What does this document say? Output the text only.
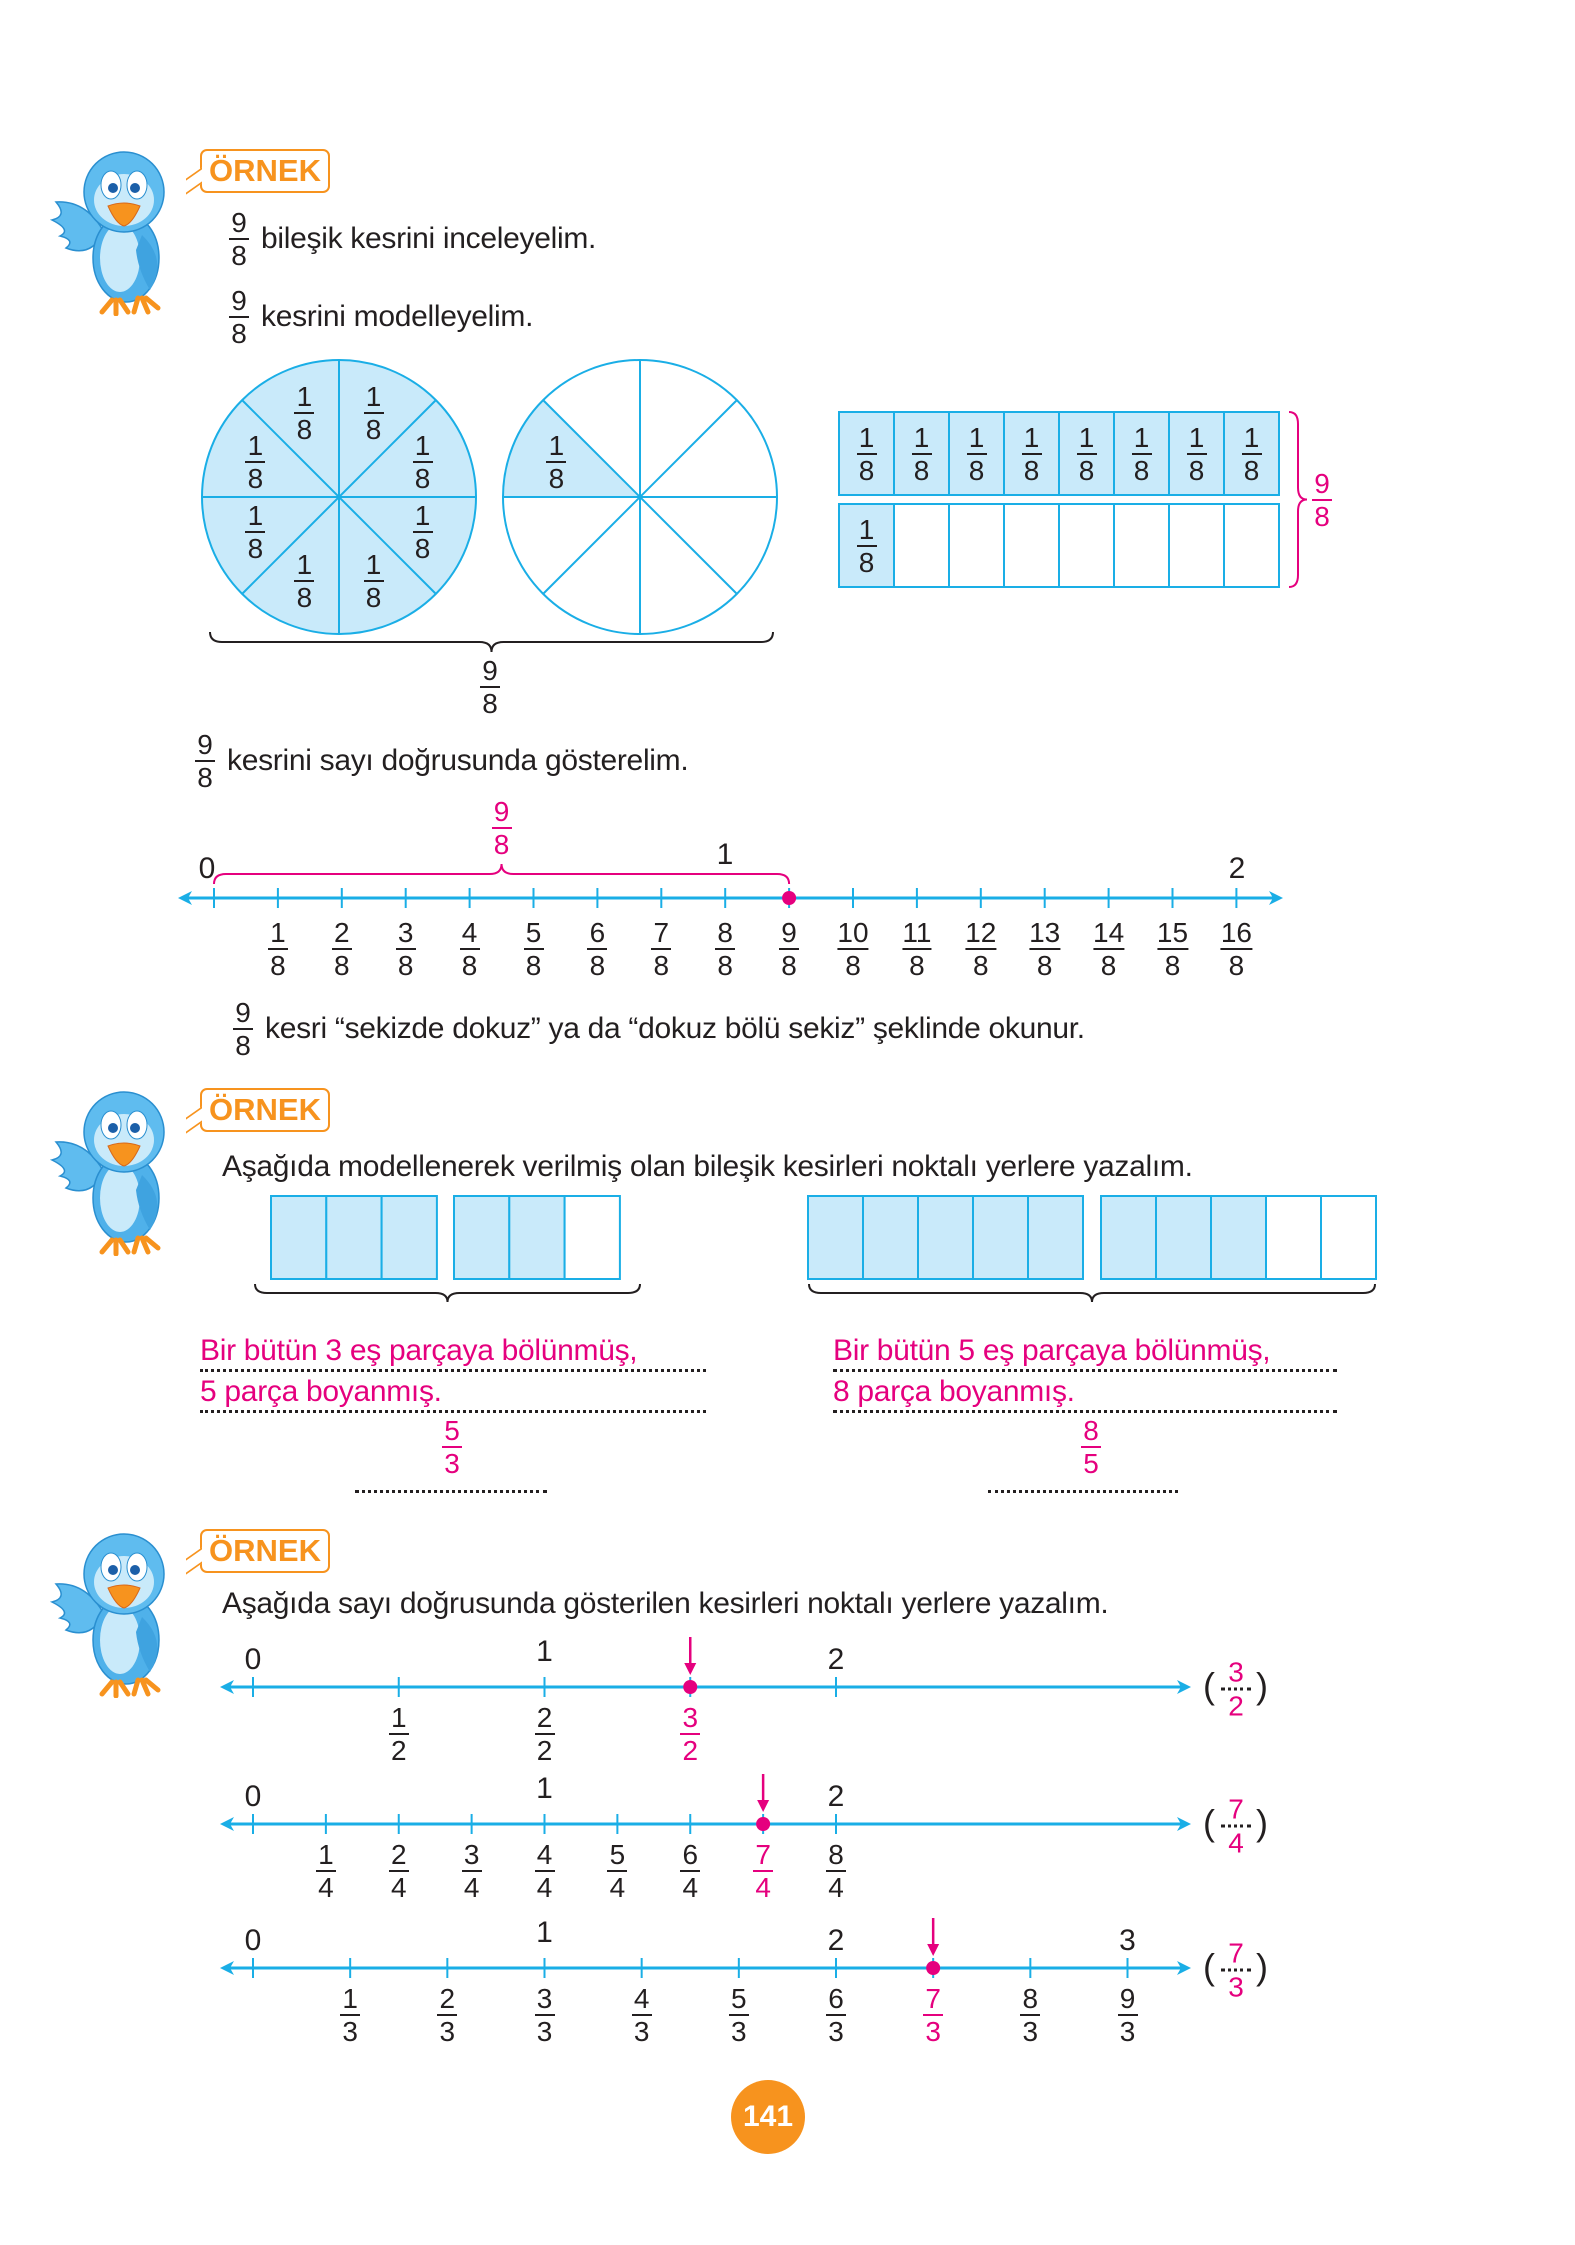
ÖRNEK
$\frac{9}{8}$ bileşik kesrini inceleyelim.
$\frac{9}{8}$ kesrini modelleyelim.
$\frac{9}{8}$ kesrini sayı doğrusunda gösterelim.
$\frac{9}{8}$ kesri “sekizde dokuz” ya da “dokuz bölü sekiz” şeklinde okunur.
ÖRNEK
Aşağıda modellenerek verilmiş olan bileşik kesirleri noktalı yerlere yazalım.
Bir bütün 3 eş parçaya bölünmüş,
5 parça boyanmış.
Bir bütün 5 eş parçaya bölünmüş,
8 parça boyanmış.
ÖRNEK
Aşağıda sayı doğrusunda gösterilen kesirleri noktalı yerlere yazalım.
1
8
1
8
1
8
1
8
1
8
1
8
1
8
1
8
1
8
9
8
1
8
1
8
1
8
1
8
1
8
1
8
1
8
1
8
1
8
9
8
1
8
2
8
3
8
4
8
5
8
6
8
7
8
8
8
9
8
10
8
11
8
12
8
13
8
14
8
15
8
16
8
0	1	2
9
8
5
3
8
5
1
2
2
2
3
2
0	1	2
( )
3
2
1
4
2
4
3
4
4
4
5
4
6
4
7
4
8
4
0	1	2
( )
7
4
1
3
2
3
3
3
4
3
5
3
6
3
7
3
8
3
9
3
0	1	2	3
( )
7
3
141
